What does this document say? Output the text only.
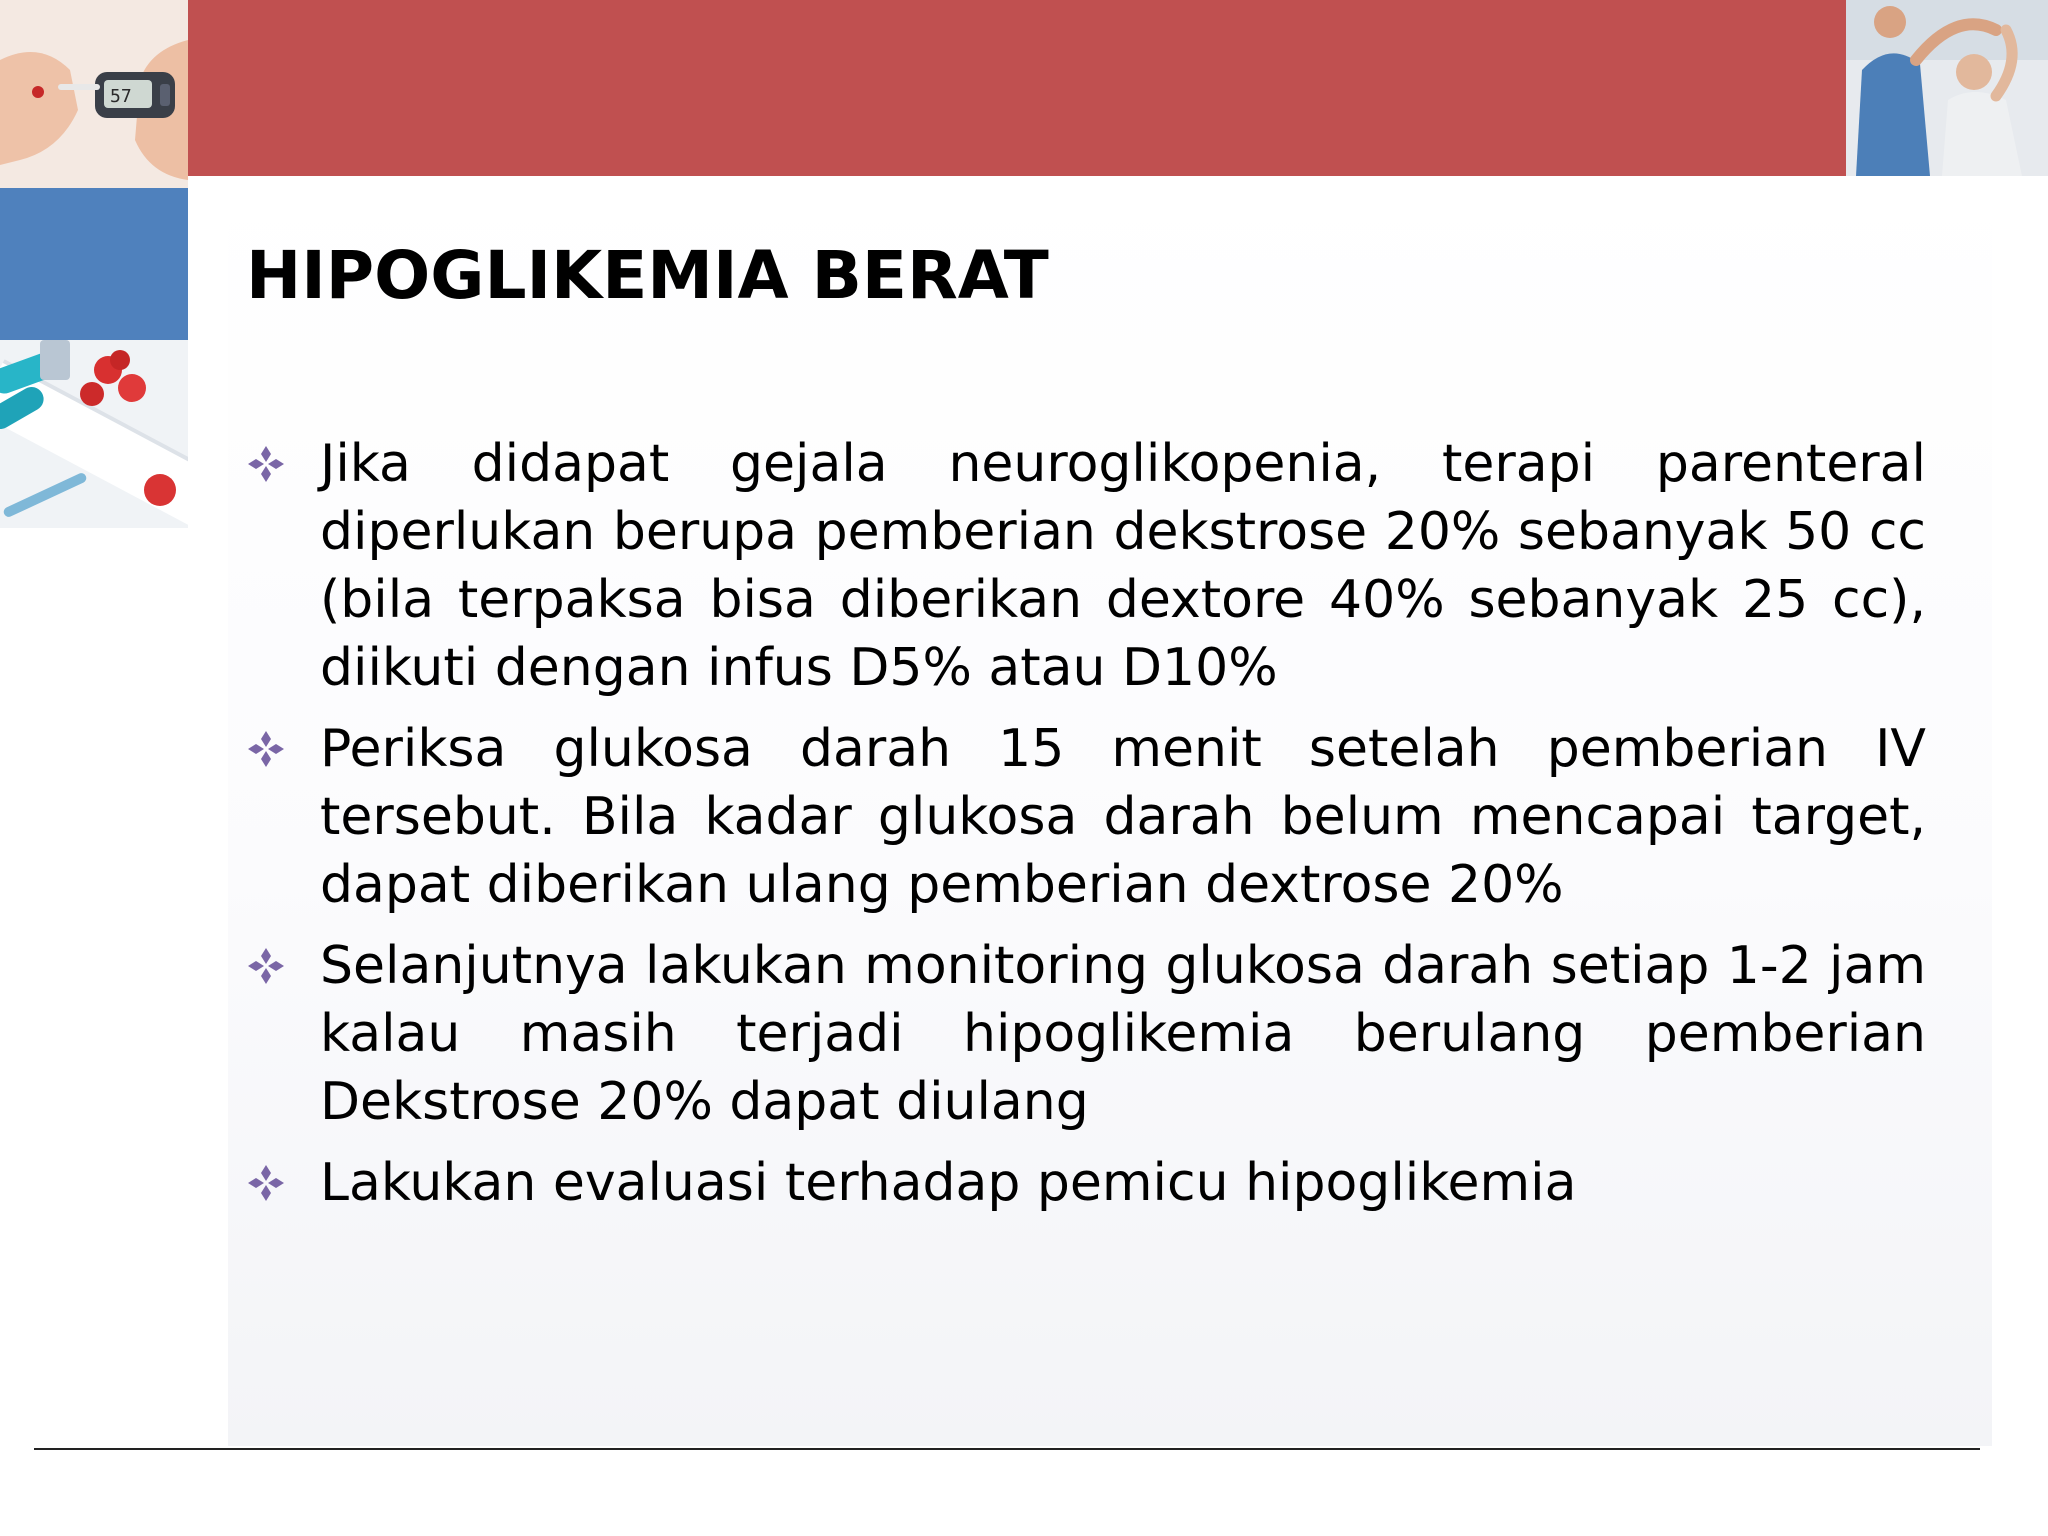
57
HIPOGLIKEMIA BERAT

Jika didapat gejala neuroglikopenia, terapi parenteral diperlukan berupa pemberian dekstrose 20% sebanyak 50 cc (bila terpaksa bisa diberikan dextore 40% sebanyak 25 cc), diikuti dengan infus D5% atau D10%

Periksa glukosa darah 15 menit setelah pemberian IV tersebut. Bila kadar glukosa darah belum mencapai target, dapat diberikan ulang pemberian dextrose 20%

Selanjutnya lakukan monitoring glukosa darah setiap 1-2 jam kalau masih terjadi hipoglikemia berulang pemberian Dekstrose 20% dapat diulang

Lakukan evaluasi terhadap pemicu hipoglikemia
